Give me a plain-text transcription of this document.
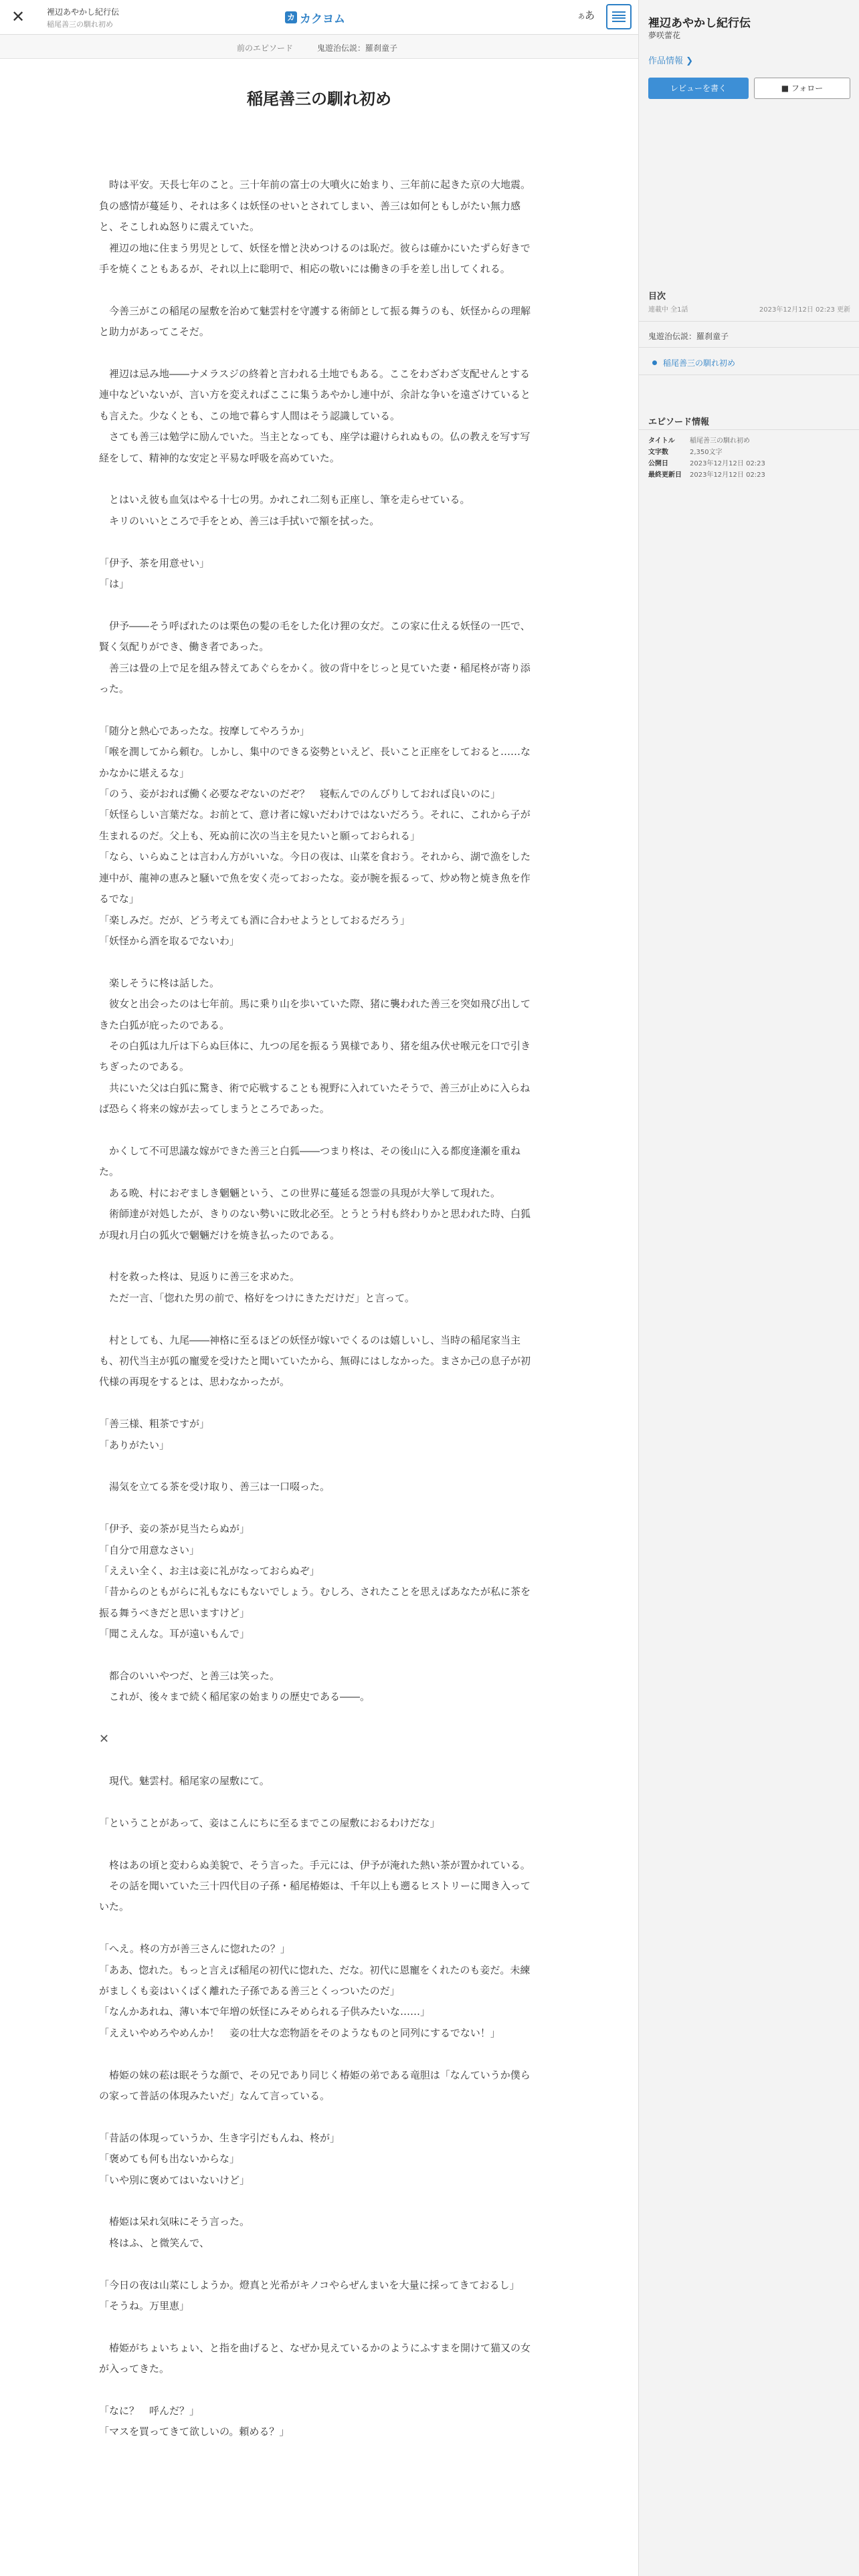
✕	裡辺あやかし紀行伝
稲尾善三の馴れ初め
カ カクヨム	ああ
前のエピソード	鬼遊治伝説：羅刹童子
稲尾善三の馴れ初め

　時は平安。天長七年のこと。三十年前の富士の大噴火に始まり、三年前に起きた京の大地震。負の感情が蔓延り、それは多くは妖怪のせいとされてしまい、善三は如何ともしがたい無力感と、そこしれぬ怒りに震えていた。

　裡辺の地に住まう男児として、妖怪を憎と決めつけるのは恥だ。彼らは確かにいたずら好きで手を焼くこともあるが、それ以上に聡明で、相応の敬いには働きの手を差し出してくれる。

　今善三がこの稲尾の屋敷を治めて魅雲村を守護する術師として振る舞うのも、妖怪からの理解と助力があってこそだ。

　裡辺は忌み地――ナメラスジの終着と言われる土地でもある。ここをわざわざ支配せんとする連中などいないが、言い方を変えればここに集うあやかし連中が、余計な争いを遠ざけているとも言えた。少なくとも、この地で暮らす人間はそう認識している。

　さても善三は勉学に励んでいた。当主となっても、座学は避けられぬもの。仏の教えを写す写経をして、精神的な安定と平易な呼吸を高めていた。

　とはいえ彼も血気はやる十七の男。かれこれ二刻も正座し、筆を走らせている。

　キリのいいところで手をとめ、善三は手拭いで額を拭った。

「伊予、茶を用意せい」

「は」

　伊予――そう呼ばれたのは栗色の髪の毛をした化け狸の女だ。この家に仕える妖怪の一匹で、賢く気配りができ、働き者であった。

　善三は畳の上で足を組み替えてあぐらをかく。彼の背中をじっと見ていた妻・稲尾柊が寄り添った。

「随分と熱心であったな。按摩してやろうか」

「喉を潤してから頼む。しかし、集中のできる姿勢といえど、長いこと正座をしておると……なかなかに堪えるな」

「のう、妾がおれば働く必要なぞないのだぞ？　寝転んでのんびりしておれば良いのに」

「妖怪らしい言葉だな。お前とて、意け者に嫁いだわけではないだろう。それに、これから子が生まれるのだ。父上も、死ぬ前に次の当主を見たいと願っておられる」

「なら、いらぬことは言わん方がいいな。今日の夜は、山菜を食おう。それから、湖で漁をした連中が、龍神の恵みと騒いで魚を安く売っておったな。妾が腕を振るって、炒め物と焼き魚を作るでな」

「楽しみだ。だが、どう考えても酒に合わせようとしておるだろう」

「妖怪から酒を取るでないわ」

　楽しそうに柊は話した。

　彼女と出会ったのは七年前。馬に乗り山を歩いていた際、猪に襲われた善三を突如飛び出してきた白狐が庇ったのである。

　その白狐は九斤は下らぬ巨体に、九つの尾を振るう異様であり、猪を組み伏せ喉元を口で引きちぎったのである。

　共にいた父は白狐に驚き、術で応戦することも視野に入れていたそうで、善三が止めに入らねば恐らく将来の嫁が去ってしまうところであった。

　かくして不可思議な嫁ができた善三と白狐――つまり柊は、その後山に入る都度逢瀬を重ねた。

　ある晩、村におぞましき魍魎という、この世界に蔓延る怨霊の具現が大挙して現れた。

　術師達が対処したが、きりのない勢いに敗北必至。とうとう村も終わりかと思われた時、白狐が現れ月白の狐火で魍魎だけを焼き払ったのである。

　村を救った柊は、見返りに善三を求めた。

　ただ一言、「惚れた男の前で、格好をつけにきただけだ」と言って。

　村としても、九尾――神格に至るほどの妖怪が嫁いでくるのは嬉しいし、当時の稲尾家当主も、初代当主が狐の寵愛を受けたと聞いていたから、無碍にはしなかった。まさか己の息子が初代様の再現をするとは、思わなかったが。

「善三様、粗茶ですが」

「ありがたい」

　湯気を立てる茶を受け取り、善三は一口啜った。

「伊予、妾の茶が見当たらぬが」

「自分で用意なさい」

「ええい全く、お主は妾に礼がなっておらぬぞ」

「昔からのともがらに礼もなにもないでしょう。むしろ、されたことを思えばあなたが私に茶を振る舞うべきだと思いますけど」

「聞こえんな。耳が遠いもんで」

　都合のいいやつだ、と善三は笑った。

　これが、後々まで続く稲尾家の始まりの歴史である――。

✕

　現代。魅雲村。稲尾家の屋敷にて。

「ということがあって、妾はこんにちに至るまでこの屋敷におるわけだな」

　柊はあの頃と変わらぬ美貌で、そう言った。手元には、伊予が淹れた熱い茶が置かれている。

　その話を聞いていた三十四代目の子孫・稲尾椿姫は、千年以上も遡るヒストリーに聞き入っていた。

「へえ。柊の方が善三さんに惚れたの？」

「ああ、惚れた。もっと言えば稲尾の初代に惚れた、だな。初代に恩寵をくれたのも妾だ。未練がましくも妾はいくばく離れた子孫である善三とくっついたのだ」

「なんかあれね、薄い本で年増の妖怪にみそめられる子供みたいな……」

「ええいやめろやめんか！　妾の壮大な恋物語をそのようなものと同列にするでない！」

　椿姫の妹の菘は眠そうな顔で、その兄であり同じく椿姫の弟である竜胆は「なんていうか僕らの家って普話の体現みたいだ」なんて言っている。

「昔話の体現っていうか、生き字引だもんね、柊が」

「褒めても何も出ないからな」

「いや別に褒めてはいないけど」

　椿姫は呆れ気味にそう言った。

　柊はふ、と微笑んで、

「今日の夜は山菜にしようか。燈真と光希がキノコやらぜんまいを大量に採ってきておるし」

「そうね。万里恵」

　椿姫がちょいちょい、と指を曲げると、なぜか見えているかのようにふすまを開けて猫又の女が入ってきた。

「なに？　呼んだ？」

「マスを買ってきて欲しいの。頼める？」

裡辺あやかし紀行伝
夢咲蕾花
作品情報 ❯
レビューを書く	■ フォロー
目次
連載中 全1話	2023年12月12日 02:23 更新
鬼遊治伝説：羅刹童子
稲尾善三の馴れ初め
エピソード情報
タイトル	稲尾善三の馴れ初め
文字数	2,350文字
公開日	2023年12月12日 02:23
最終更新日	2023年12月12日 02:23
